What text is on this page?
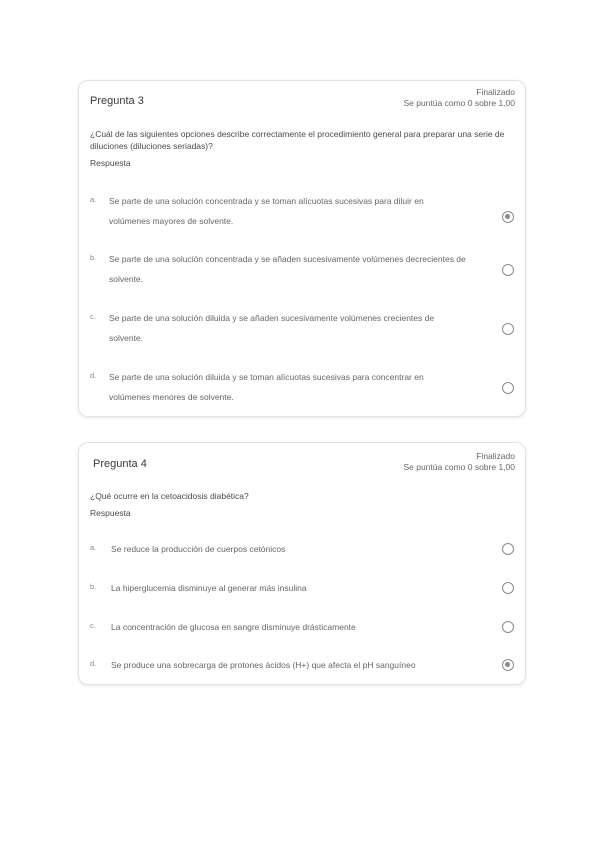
Pregunta 3
Finalizado
Se puntúa como 0 sobre 1,00
¿Cuál de las siguientes opciones describe correctamente el procedimiento general para preparar una serie de diluciones (diluciones seriadas)?
Respuesta
a. Se parte de una solución concentrada y se toman alícuotas sucesivas para diluir en volúmenes mayores de solvente.
b. Se parte de una solución concentrada y se añaden sucesivamente volúmenes decrecientes de solvente.
c. Se parte de una solución diluida y se añaden sucesivamente volúmenes crecientes de solvente.
d. Se parte de una solución diluida y se toman alícuotas sucesivas para concentrar en volúmenes menores de solvente.
Pregunta 4
Finalizado
Se puntúa como 0 sobre 1,00
¿Qué ocurre en la cetoacidosis diabética?
Respuesta
a. Se reduce la producción de cuerpos cetónicos
b. La hiperglucemia disminuye al generar más insulina
c. La concentración de glucosa en sangre disminuye drásticamente
d. Se produce una sobrecarga de protones ácidos (H+) que afecta el pH sanguíneo
